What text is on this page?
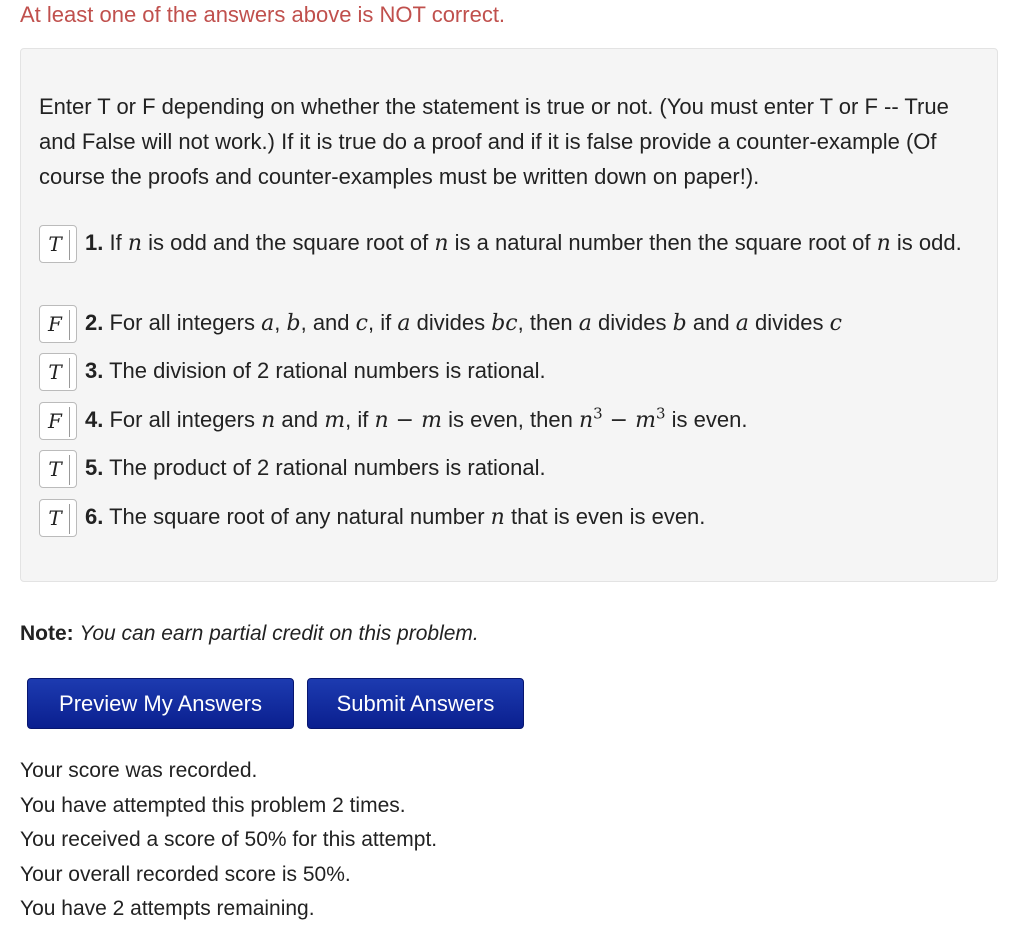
At least one of the answers above is NOT correct.
Enter T or F depending on whether the statement is true or not. (You must enter T or F -- True and False will not work.) If it is true do a proof and if it is false provide a counter-example (Of course the proofs and counter-examples must be written down on paper!).
T	1. If n is odd and the square root of n is a natural number then the square root of n is odd.
F	2. For all integers a, b, and c, if a divides bc, then a divides b and a divides c
T	3. The division of 2 rational numbers is rational.
F	4. For all integers n and m, if n − m is even, then $n^3 - m^3$ is even.
T	5. The product of 2 rational numbers is rational.
T	6. The square root of any natural number n that is even is even.
Note: You can earn partial credit on this problem.
Preview My Answers	Submit Answers
Your score was recorded.
You have attempted this problem 2 times.
You received a score of 50% for this attempt.
Your overall recorded score is 50%.
You have 2 attempts remaining.
